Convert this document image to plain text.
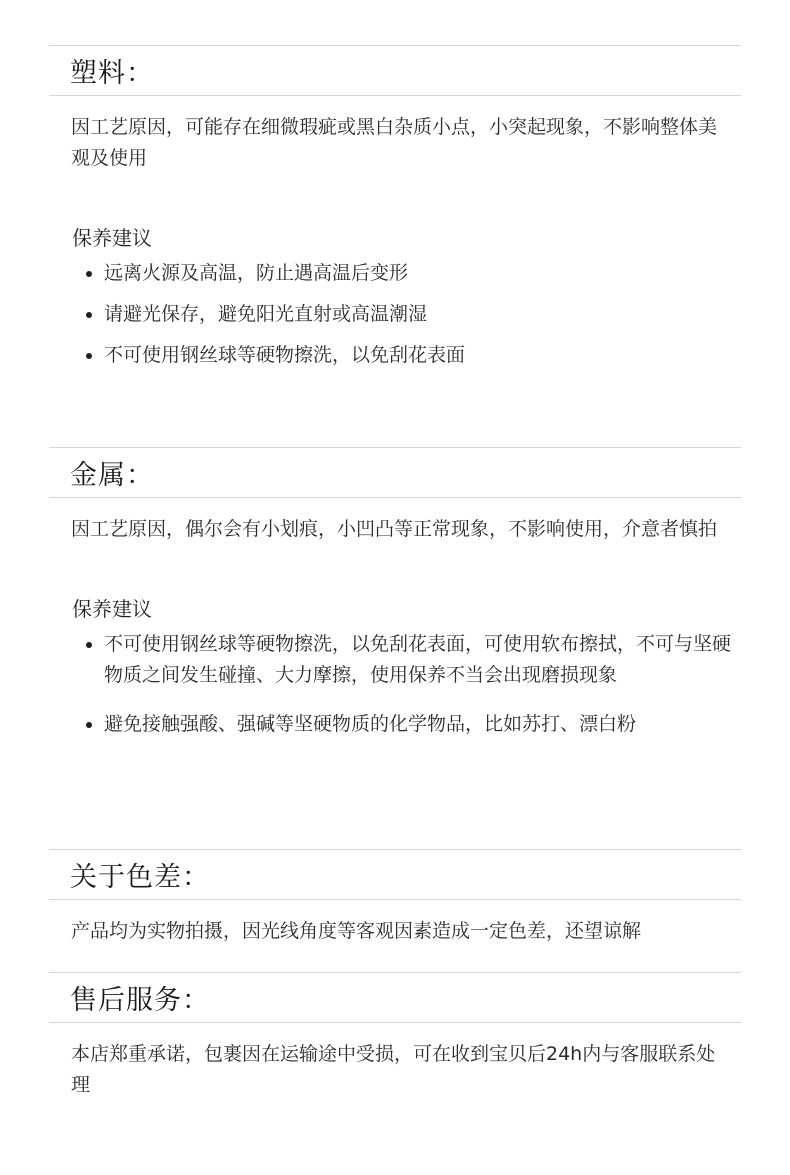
塑料：

因工艺原因，可能存在细微瑕疵或黑白杂质小点，小突起现象，不影响整体美观及使用

保养建议

• 远离火源及高温，防止遇高温后变形
• 请避光保存，避免阳光直射或高温潮湿
• 不可使用钢丝球等硬物擦洗，以免刮花表面
金属：

因工艺原因，偶尔会有小划痕，小凹凸等正常现象，不影响使用，介意者慎拍

保养建议

• 不可使用钢丝球等硬物擦洗，以免刮花表面，可使用软布擦拭，不可与坚硬物质之间发生碰撞、大力摩擦，使用保养不当会出现磨损现象
• 避免接触强酸、强碱等坚硬物质的化学物品，比如苏打、漂白粉
关于色差：

产品均为实物拍摄，因光线角度等客观因素造成一定色差，还望谅解

售后服务：

本店郑重承诺，包裹因在运输途中受损，可在收到宝贝后24h内与客服联系处理
